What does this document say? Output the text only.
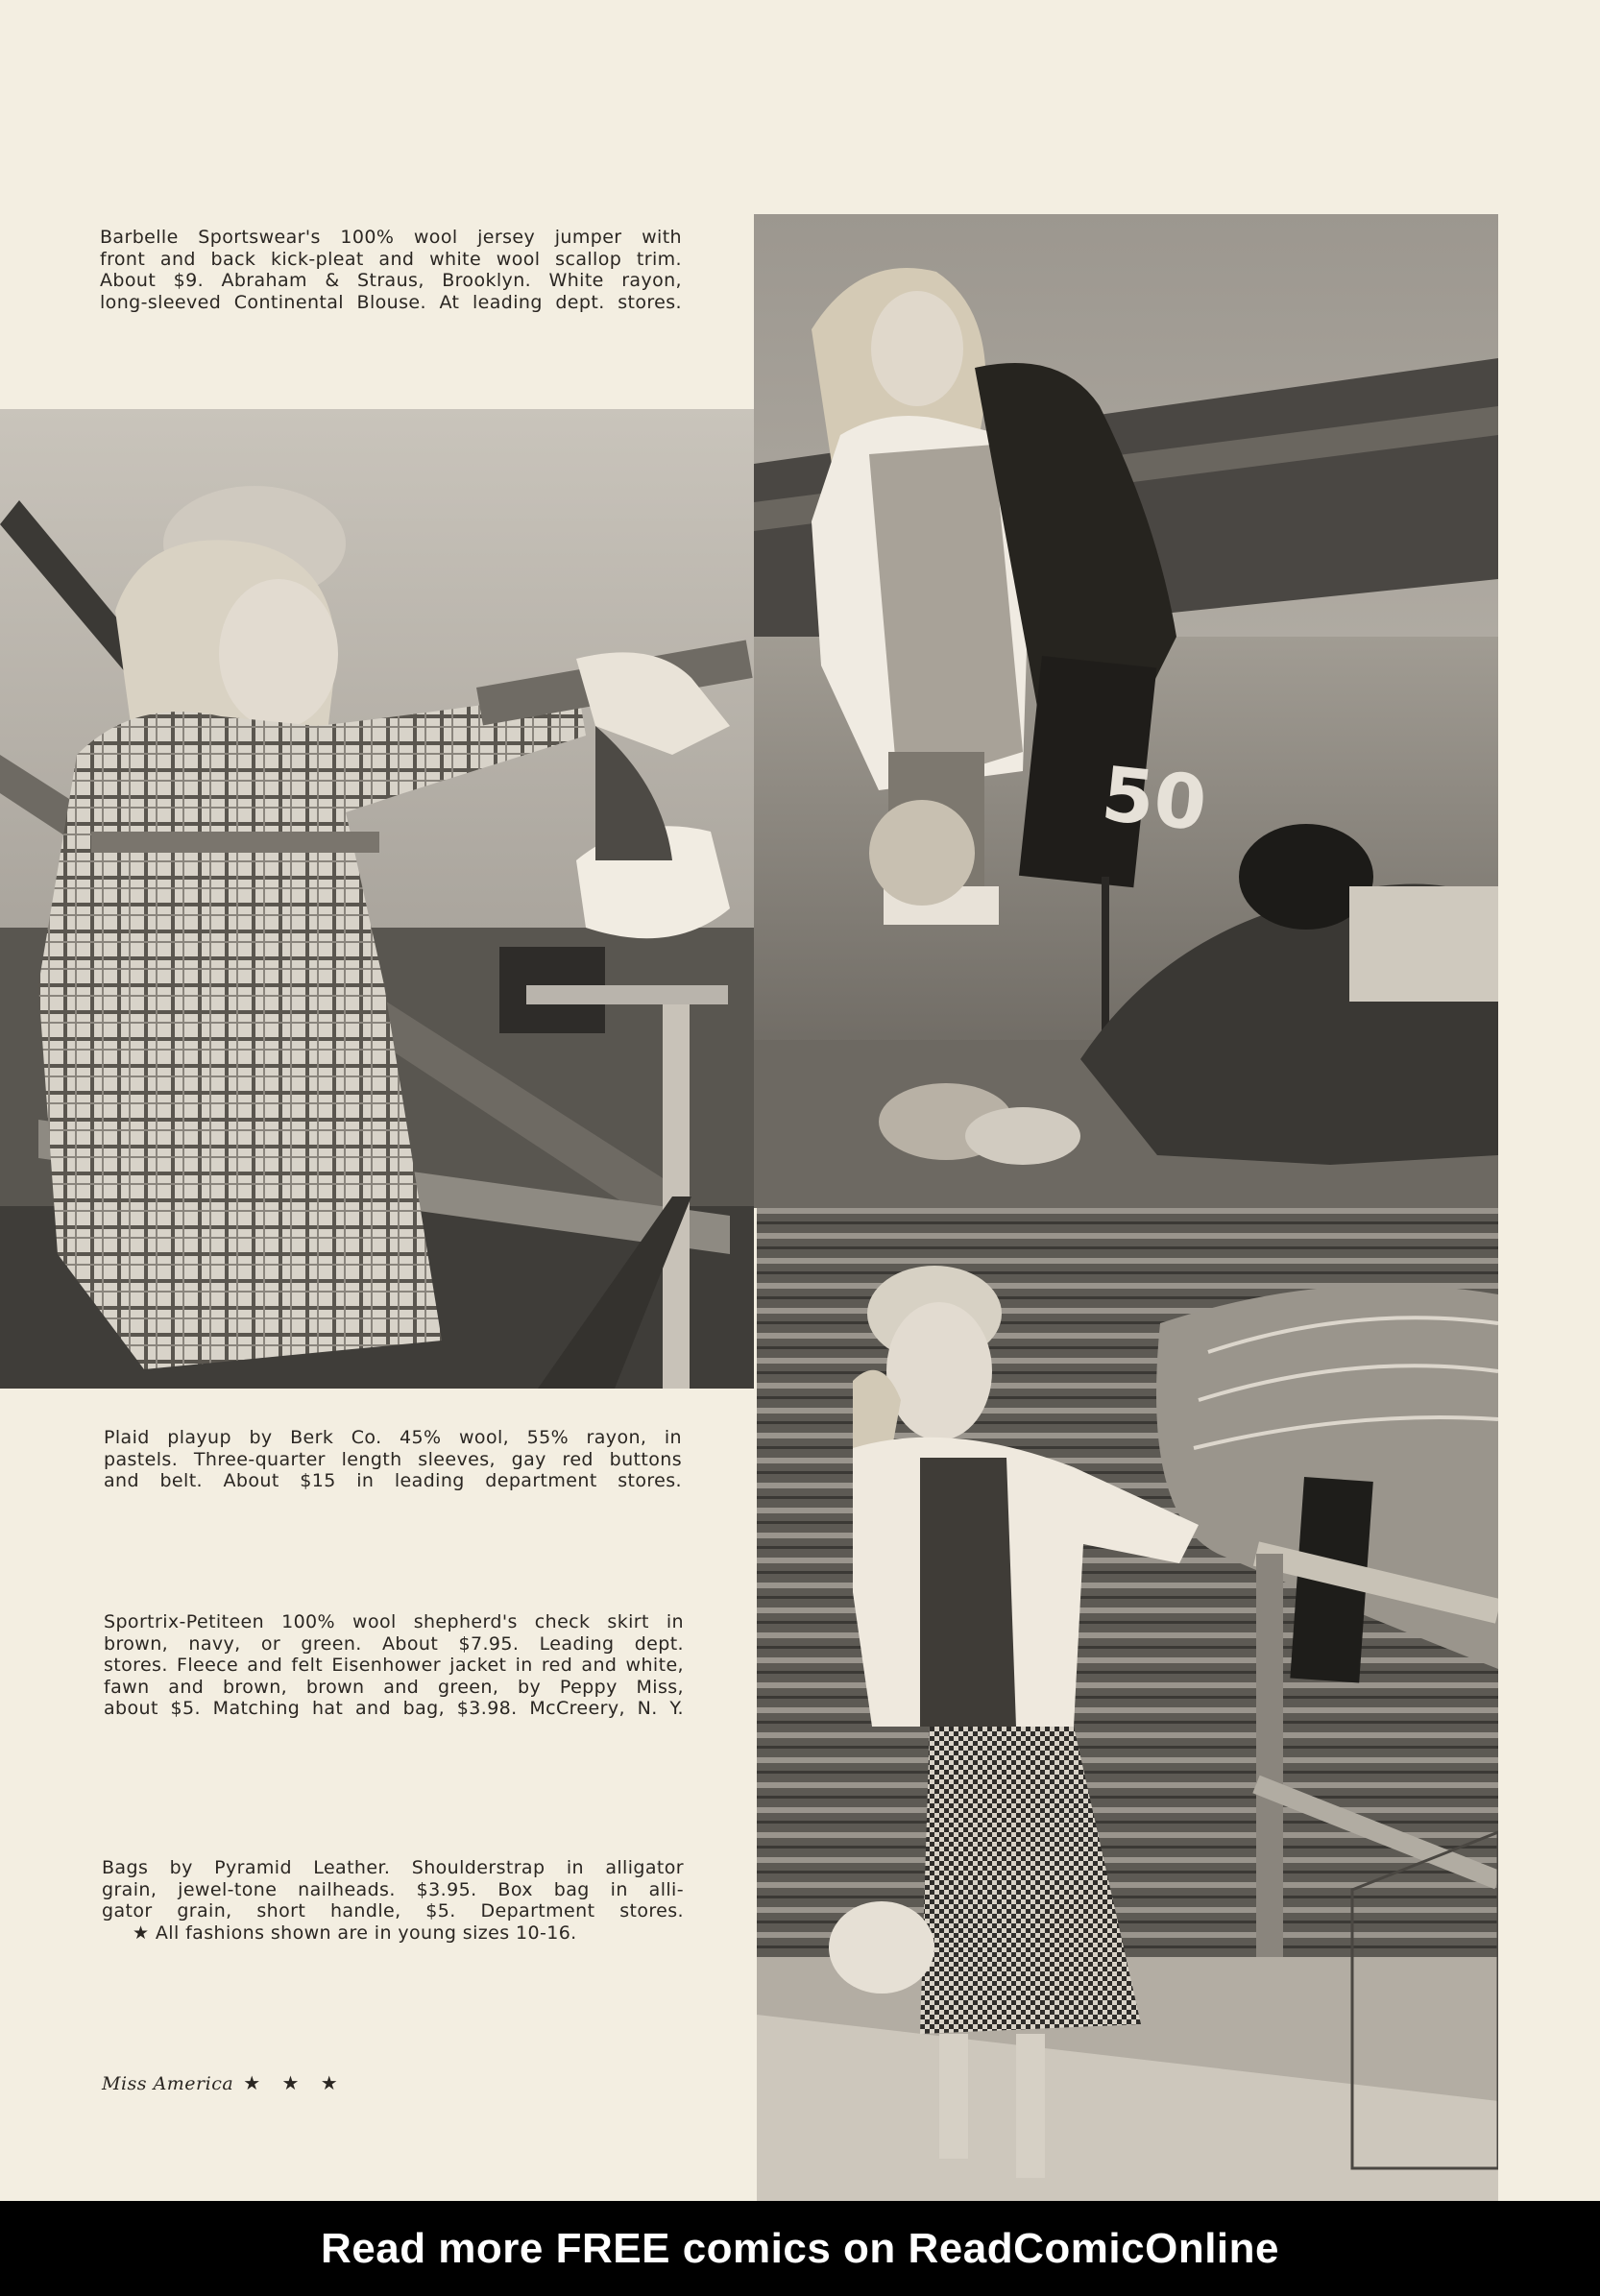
Barbelle Sportswear's 100% wool jersey jumper with
front and back kick-pleat and white wool scallop trim.
About $9. Abraham & Straus, Brooklyn. White rayon,
long-sleeved Continental Blouse. At leading dept. stores.
50
Plaid playup by Berk Co. 45% wool, 55% rayon, in
pastels. Three-quarter length sleeves, gay red buttons
and belt. About $15 in leading department stores.
Sportrix-Petiteen 100% wool shepherd's check skirt in
brown, navy, or green. About $7.95. Leading dept.
stores. Fleece and felt Eisenhower jacket in red and white,
fawn and brown, brown and green, by Peppy Miss,
about $5. Matching hat and bag, $3.98. McCreery, N. Y.
Bags by Pyramid Leather. Shoulderstrap in alligator
grain, jewel-tone nailheads. $3.95. Box bag in alli-
gator grain, short handle, $5. Department stores.
★ All fashions shown are in young sizes 10-16.
Miss America ★ ★ ★
Read more FREE comics on ReadComicOnline
